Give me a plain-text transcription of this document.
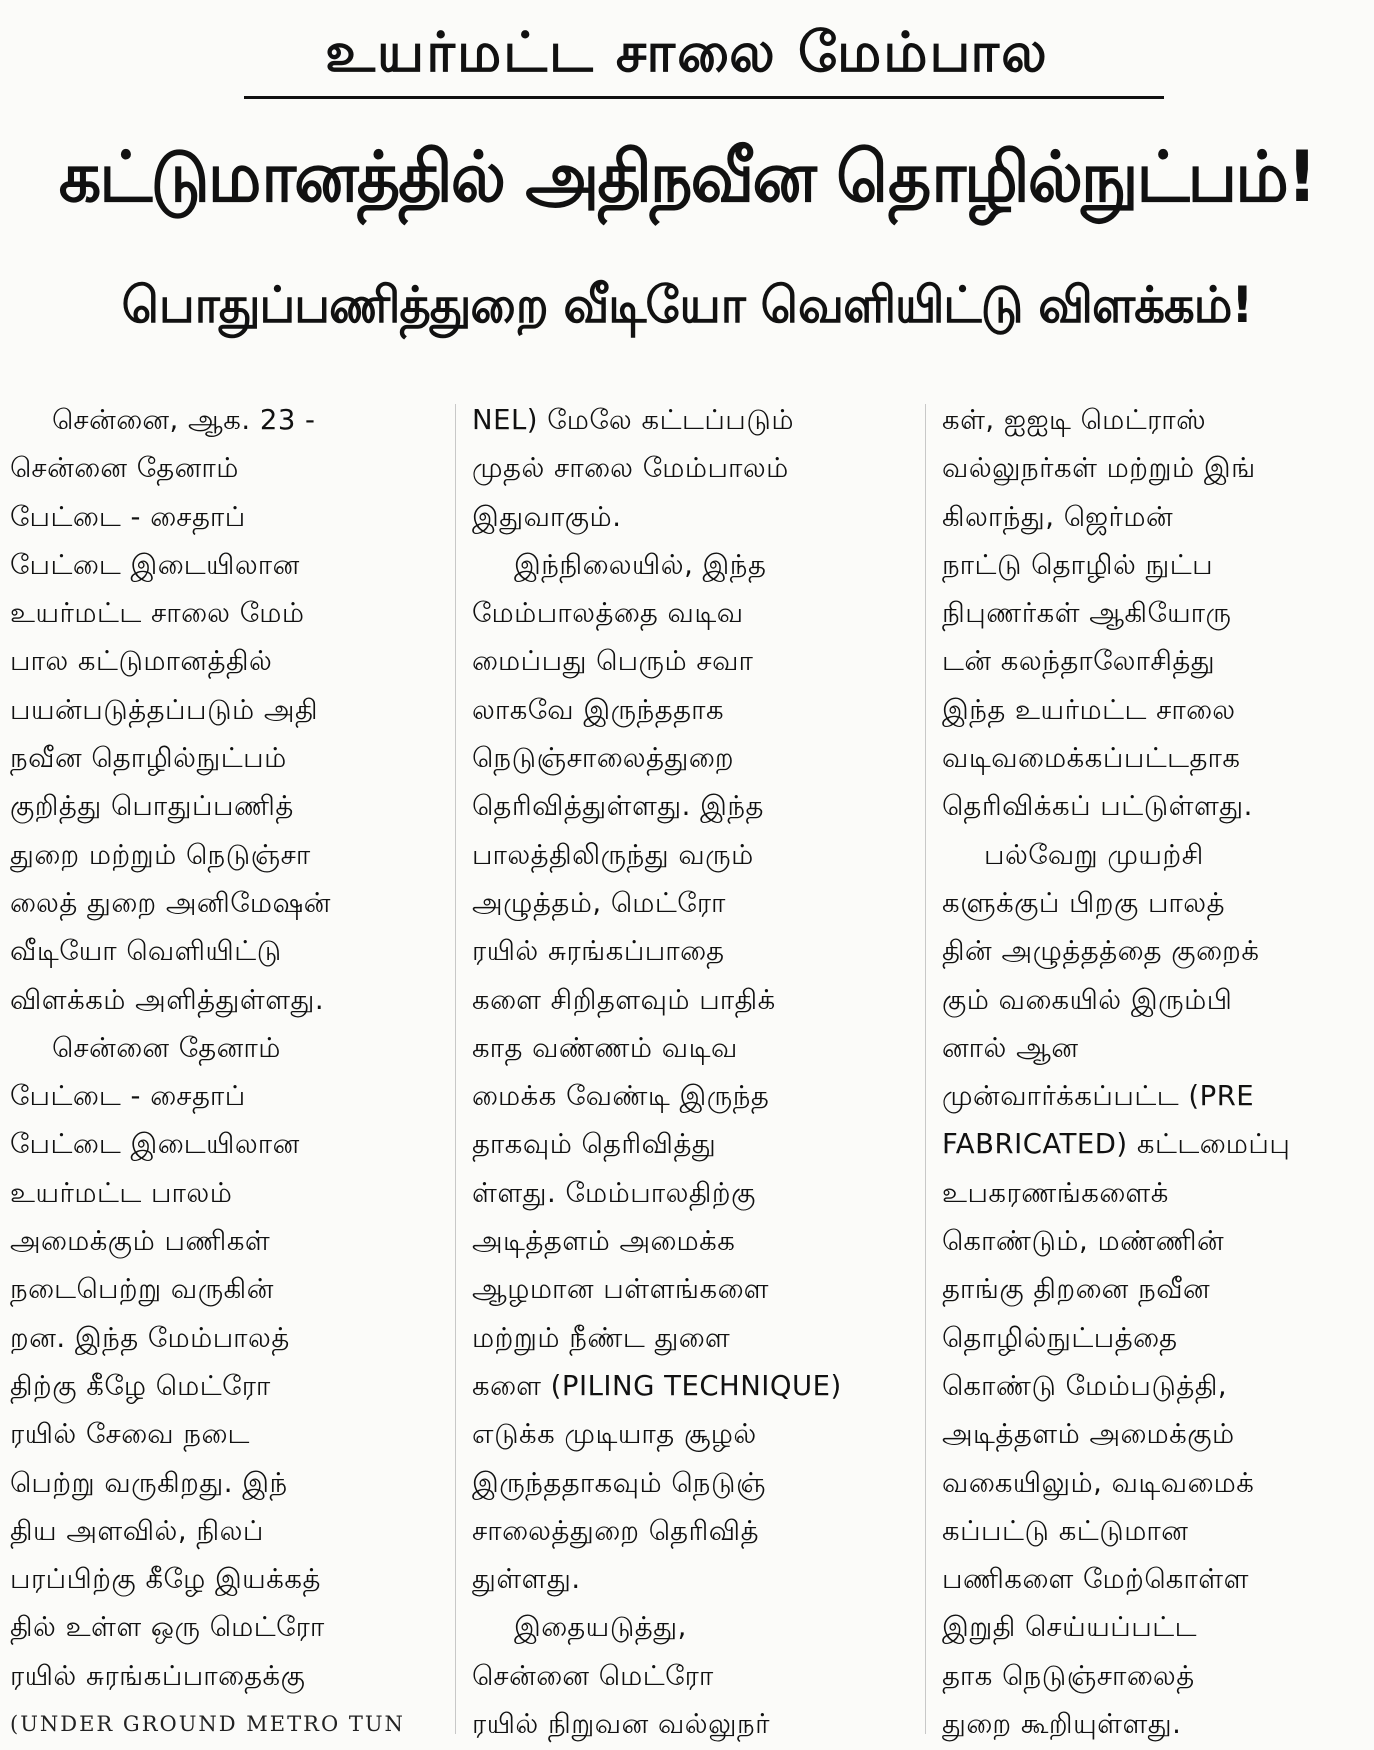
உயர்மட்ட சாலை மேம்பால
கட்டுமானத்தில் அதிநவீன தொழில்நுட்பம்!
பொதுப்பணித்துறை வீடியோ வெளியிட்டு விளக்கம்!
சென்னை, ஆக. 23 -
சென்னை தேனாம்
பேட்டை - சைதாப்
பேட்டை இடையிலான
உயர்மட்ட சாலை மேம்
பால கட்டுமானத்தில்
பயன்படுத்தப்படும் அதி
நவீன தொழில்நுட்பம்
குறித்து பொதுப்பணித்
துறை மற்றும் நெடுஞ்சா
லைத் துறை அனிமேஷன்
வீடியோ வெளியிட்டு
விளக்கம் அளித்துள்ளது.
சென்னை தேனாம்
பேட்டை - சைதாப்
பேட்டை இடையிலான
உயர்மட்ட பாலம்
அமைக்கும் பணிகள்
நடைபெற்று வருகின்
றன. இந்த மேம்பாலத்
திற்கு கீழே மெட்ரோ
ரயில் சேவை நடை
பெற்று வருகிறது. இந்
திய அளவில், நிலப்
பரப்பிற்கு கீழே இயக்கத்
தில் உள்ள ஒரு மெட்ரோ
ரயில் சுரங்கப்பாதைக்கு
(UNDER GROUND METRO TUN
NEL) மேலே கட்டப்படும்
முதல் சாலை மேம்பாலம்
இதுவாகும்.
இந்நிலையில், இந்த
மேம்பாலத்தை வடிவ
மைப்பது பெரும் சவா
லாகவே இருந்ததாக
நெடுஞ்சாலைத்துறை
தெரிவித்துள்ளது. இந்த
பாலத்திலிருந்து வரும்
அழுத்தம், மெட்ரோ
ரயில் சுரங்கப்பாதை
களை சிறிதளவும் பாதிக்
காத வண்ணம் வடிவ
மைக்க வேண்டி இருந்த
தாகவும் தெரிவித்து
ள்ளது. மேம்பாலதிற்கு
அடித்தளம் அமைக்க
ஆழமான பள்ளங்களை
மற்றும் நீண்ட துளை
களை (PILING TECHNIQUE)
எடுக்க முடியாத சூழல்
இருந்ததாகவும் நெடுஞ்
சாலைத்துறை தெரிவித்
துள்ளது.
இதையடுத்து,
சென்னை மெட்ரோ
ரயில் நிறுவன வல்லுநர்
கள், ஐஐடி மெட்ராஸ்
வல்லுநர்கள் மற்றும் இங்
கிலாந்து, ஜெர்மன்
நாட்டு தொழில் நுட்ப
நிபுணர்கள் ஆகியோரு
டன் கலந்தாலோசித்து
இந்த உயர்மட்ட சாலை
வடிவமைக்கப்பட்டதாக
தெரிவிக்கப் பட்டுள்ளது.
பல்வேறு முயற்சி
களுக்குப் பிறகு பாலத்
தின் அழுத்தத்தை குறைக்
கும் வகையில் இரும்பி
னால் ஆன
முன்வார்க்கப்பட்ட (PRE
FABRICATED) கட்டமைப்பு
உபகரணங்களைக்
கொண்டும், மண்ணின்
தாங்கு திறனை நவீன
தொழில்நுட்பத்தை
கொண்டு மேம்படுத்தி,
அடித்தளம் அமைக்கும்
வகையிலும், வடிவமைக்
கப்பட்டு கட்டுமான
பணிகளை மேற்கொள்ள
இறுதி செய்யப்பட்ட
தாக நெடுஞ்சாலைத்
துறை கூறியுள்ளது.
